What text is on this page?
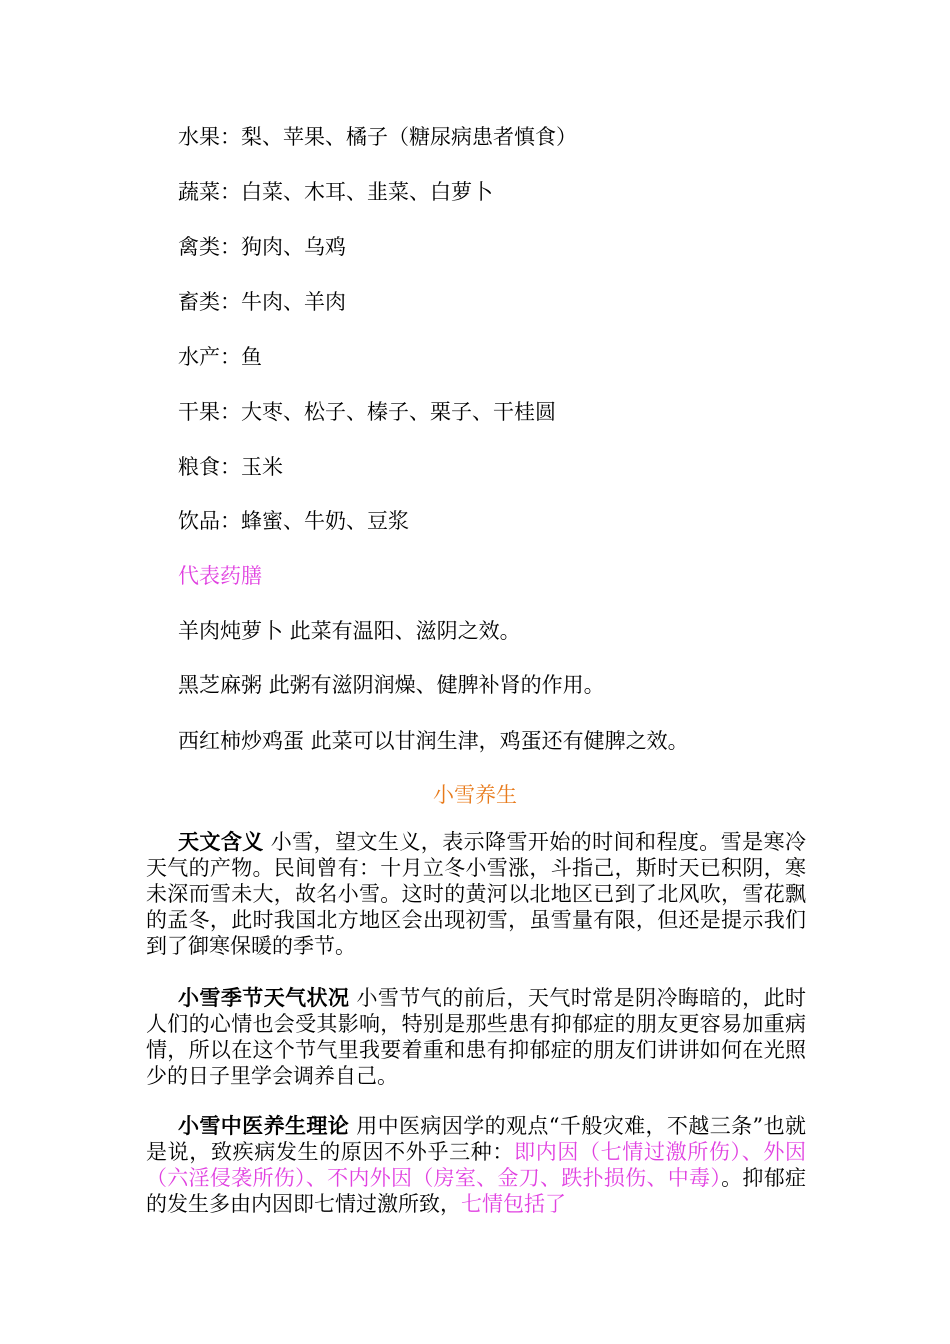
水果：梨、苹果、橘子（糖尿病患者慎食）
蔬菜：白菜、木耳、韭菜、白萝卜
禽类：狗肉、乌鸡
畜类：牛肉、羊肉
水产：鱼
干果：大枣、松子、榛子、栗子、干桂圆
粮食：玉米
饮品：蜂蜜、牛奶、豆浆
代表药膳
羊肉炖萝卜 此菜有温阳、滋阴之效。
黑芝麻粥 此粥有滋阴润燥、健脾补肾的作用。
西红柿炒鸡蛋 此菜可以甘润生津，鸡蛋还有健脾之效。
小雪养生
天文含义 小雪，望文生义，表示降雪开始的时间和程度。雪是寒冷天气的产物。民间曾有：十月立冬小雪涨，斗指己，斯时天已积阴，寒未深而雪未大，故名小雪。这时的黄河以北地区已到了北风吹，雪花飘的孟冬，此时我国北方地区会出现初雪，虽雪量有限，但还是提示我们到了御寒保暖的季节。
小雪季节天气状况 小雪节气的前后，天气时常是阴冷晦暗的，此时人们的心情也会受其影响，特别是那些患有抑郁症的朋友更容易加重病情，所以在这个节气里我要着重和患有抑郁症的朋友们讲讲如何在光照少的日子里学会调养自己。
小雪中医养生理论 用中医病因学的观点“千般灾难，不越三条”也就是说，致疾病发生的原因不外乎三种：即内因（七情过激所伤）、外因（六淫侵袭所伤）、不内外因（房室、金刀、跌扑损伤、中毒）。抑郁症的发生多由内因即七情过激所致，七情包括了
